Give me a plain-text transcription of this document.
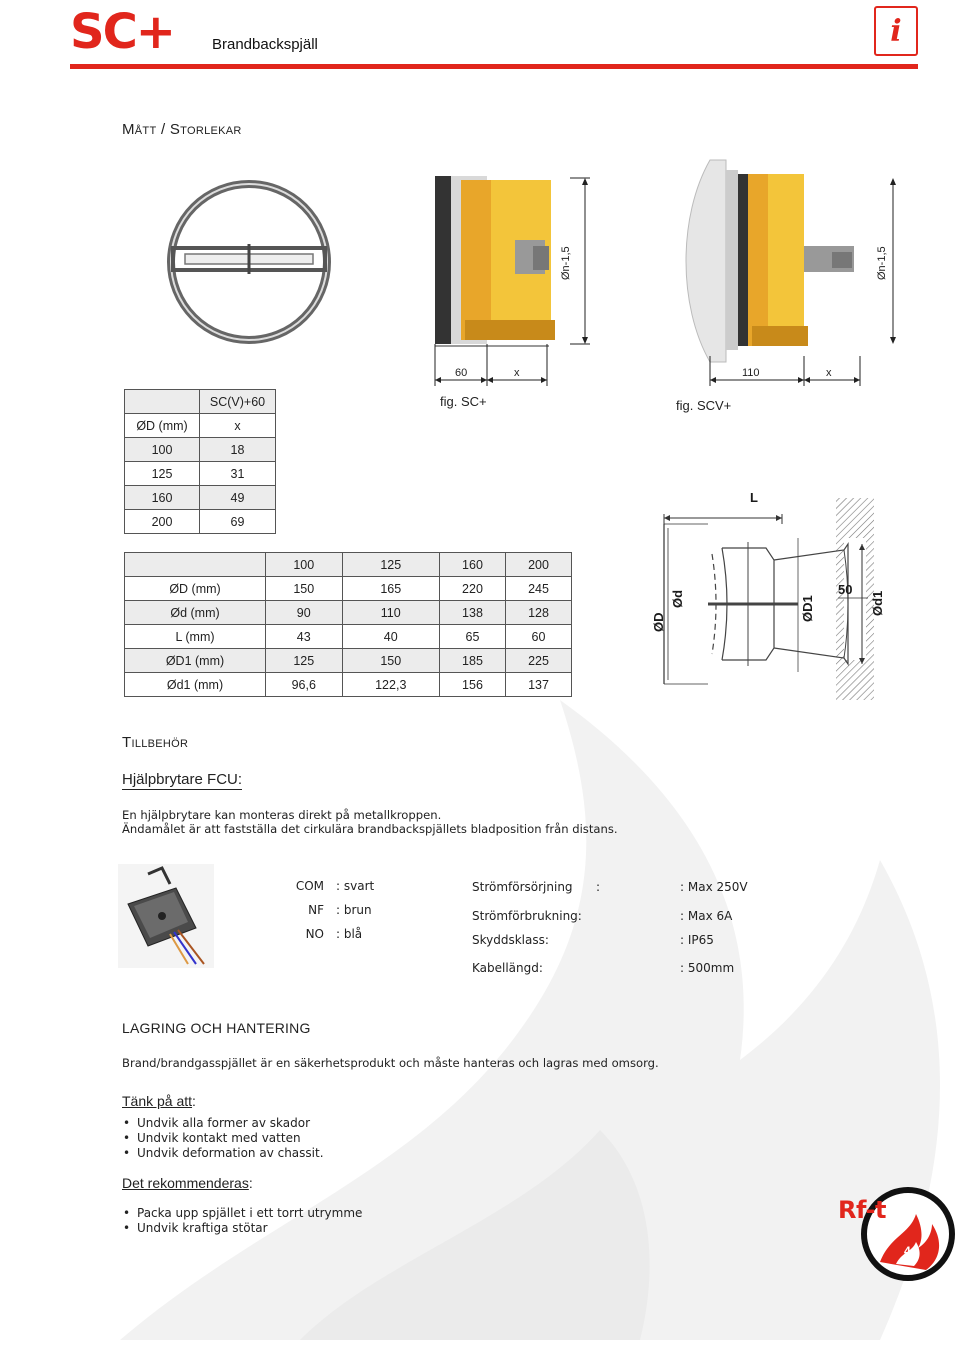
SC+	Brandbackspjäll	i
Mått / Storlekar
60	x
Øn-1,5
fig. SC+
110	x
Øn-1,5
fig. SCV+
	SC(V)+60
ØD (mm)	x
100	18
125	31
160	49
200	69
	100	125	160	200
ØD (mm)	150	165	220	245
Ød (mm)	90	110	138	128
L (mm)	43	40	65	60
ØD1 (mm)	125	150	185	225
Ød1 (mm)	96,6	122,3	156	137
L
ØD
Ød	ØD1
50
Ød1
Tillbehör
Hjälpbrytare FCU:
En hjälpbrytare kan monteras direkt på metallkroppen.
Ändamålet är att fastställa det cirkulära brandbackspjällets bladposition från distans.
COM : svart
NF : brun
NO : blå
Strömförsörjning :	: Max 250V
Strömförbrukning:	: Max 6A
Skyddsklass:	: IP65
Kabellängd:	: 500mm
LAGRING OCH HANTERING
Brand/brandgasspjället är en säkerhetsprodukt och måste hanteras och lagras med omsorg.
Tänk på att:
• Undvik alla former av skador
• Undvik kontakt med vatten
• Undvik deformation av chassit.
Det rekommenderas:
• Packa upp spjället i ett torrt utrymme
• Undvik kraftiga stötar
Rf-t
4
